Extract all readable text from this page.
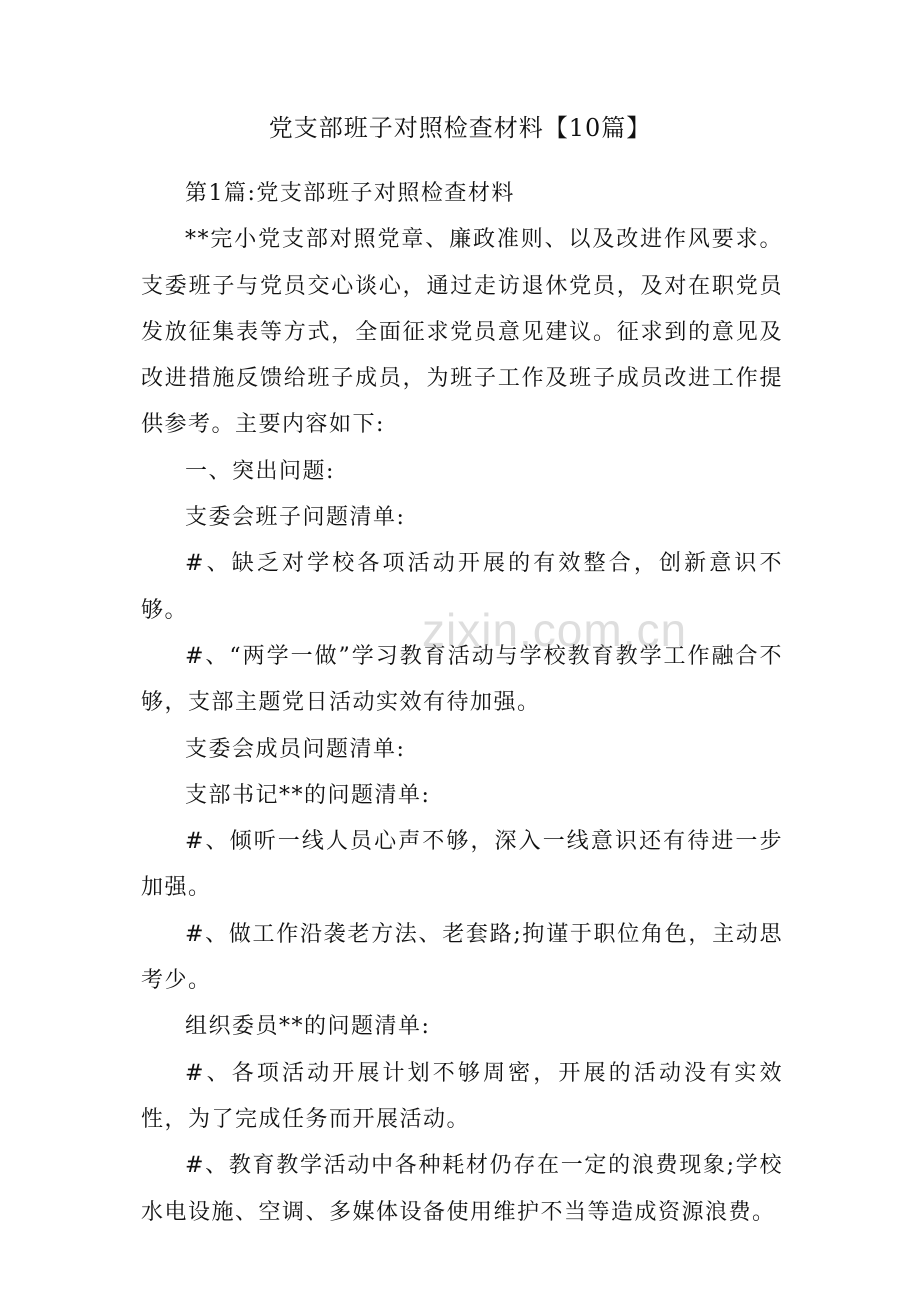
党支部班子对照检查材料【10篇】

第1篇:党支部班子对照检查材料

**完小党支部对照党章、廉政准则、以及改进作风要求。支委班子与党员交心谈心，通过走访退休党员，及对在职党员发放征集表等方式，全面征求党员意见建议。征求到的意见及改进措施反馈给班子成员，为班子工作及班子成员改进工作提供参考。主要内容如下:

一、突出问题:

支委会班子问题清单:

#、缺乏对学校各项活动开展的有效整合，创新意识不够。

#、“两学一做”学习教育活动与学校教育教学工作融合不够，支部主题党日活动实效有待加强。

支委会成员问题清单:

支部书记**的问题清单:

#、倾听一线人员心声不够，深入一线意识还有待进一步加强。

#、做工作沿袭老方法、老套路;拘谨于职位角色，主动思考少。

组织委员**的问题清单:

#、各项活动开展计划不够周密，开展的活动没有实效性，为了完成任务而开展活动。

#、教育教学活动中各种耗材仍存在一定的浪费现象;学校水电设施、空调、多媒体设备使用维护不当等造成资源浪费。

zixin.com.cn
